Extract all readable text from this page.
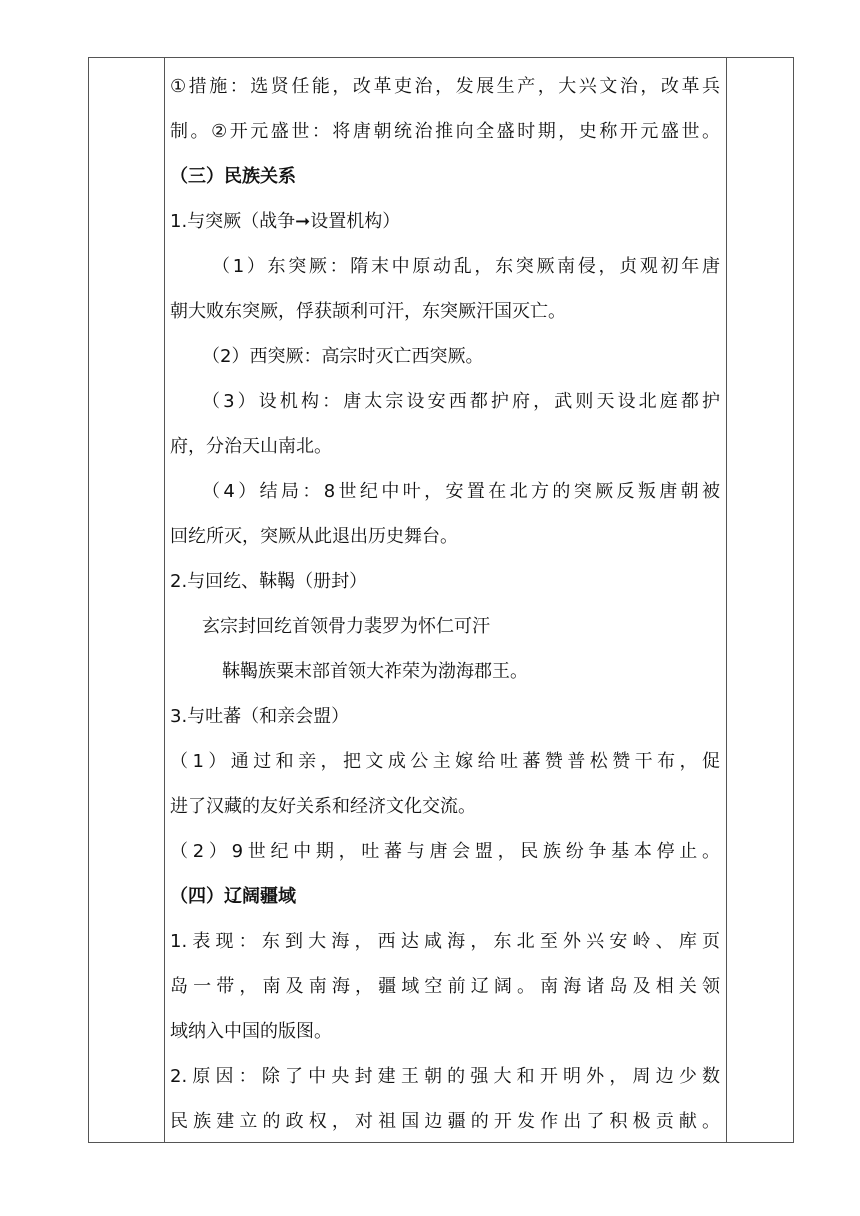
①措施：选贤任能，改革吏治，发展生产，大兴文治，改革兵
制。②开元盛世：将唐朝统治推向全盛时期，史称开元盛世。
（三）民族关系
1.与突厥（战争➞设置机构）
（1）东突厥：隋末中原动乱，东突厥南侵，贞观初年唐
朝大败东突厥，俘获颉利可汗，东突厥汗国灭亡。
（2）西突厥：高宗时灭亡西突厥。
（3）设机构：唐太宗设安西都护府，武则天设北庭都护
府，分治天山南北。
（4）结局：8世纪中叶，安置在北方的突厥反叛唐朝被
回纥所灭，突厥从此退出历史舞台。
2.与回纥、靺鞨（册封）
玄宗封回纥首领骨力裴罗为怀仁可汗
靺鞨族粟末部首领大祚荣为渤海郡王。
3.与吐蕃（和亲会盟）
（1）通过和亲，把文成公主嫁给吐蕃赞普松赞干布，促
进了汉藏的友好关系和经济文化交流。
（2）9世纪中期，吐蕃与唐会盟，民族纷争基本停止。
（四）辽阔疆域
1.表现：东到大海，西达咸海，东北至外兴安岭、库页
岛一带，南及南海，疆域空前辽阔。南海诸岛及相关领
域纳入中国的版图。
2.原因：除了中央封建王朝的强大和开明外，周边少数
民族建立的政权，对祖国边疆的开发作出了积极贡献。
